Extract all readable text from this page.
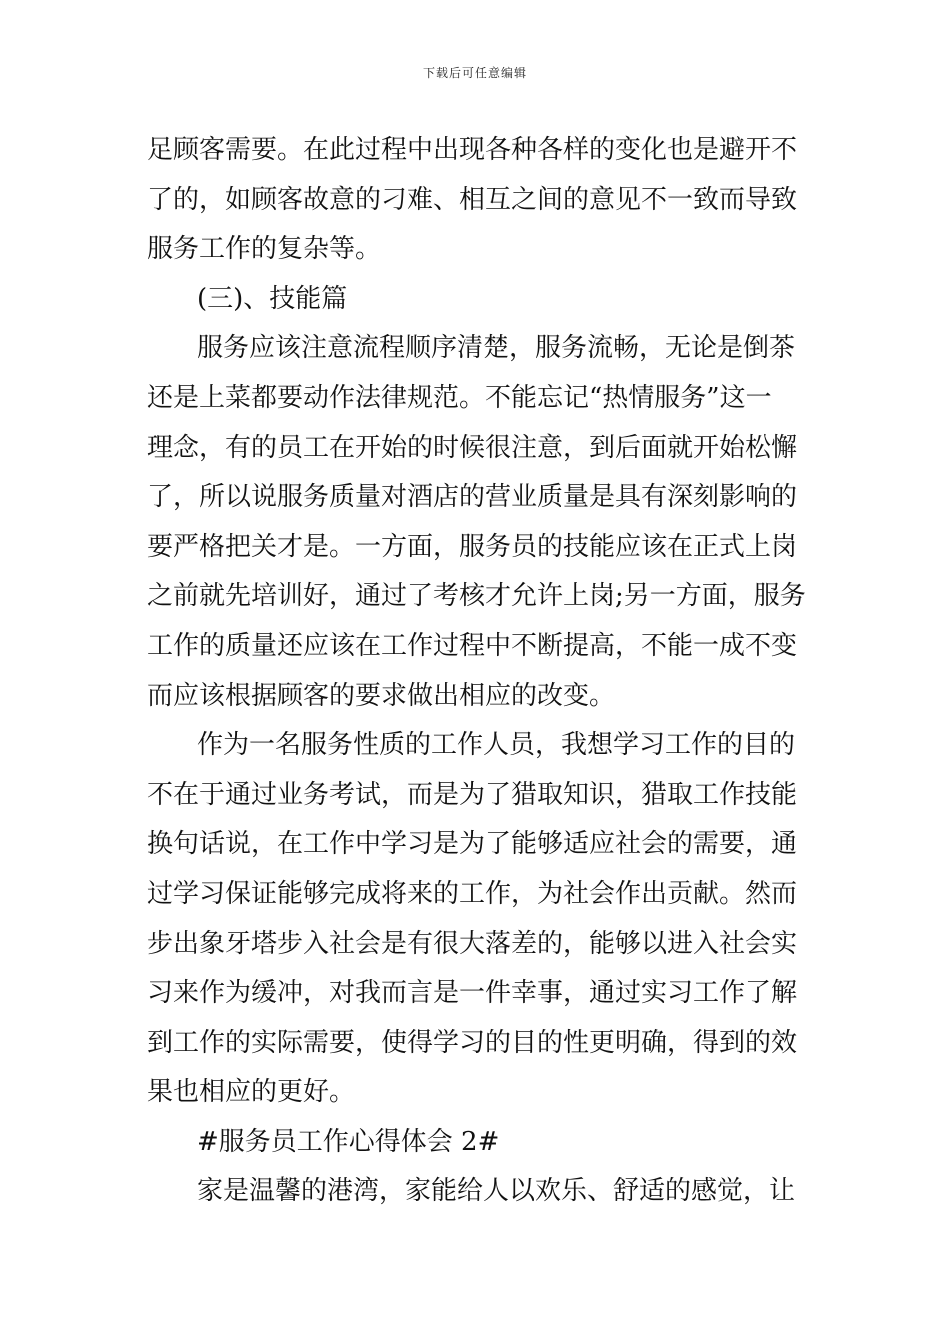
下载后可任意编辑
足顾客需要。在此过程中出现各种各样的变化也是避开不
了的，如顾客故意的刁难、相互之间的意见不一致而导致
服务工作的复杂等。
(三)、技能篇
服务应该注意流程顺序清楚，服务流畅，无论是倒茶
还是上菜都要动作法律规范。不能忘记“热情服务”这一
理念，有的员工在开始的时候很注意，到后面就开始松懈
了，所以说服务质量对酒店的营业质量是具有深刻影响的
要严格把关才是。一方面，服务员的技能应该在正式上岗
之前就先培训好，通过了考核才允许上岗;另一方面，服务
工作的质量还应该在工作过程中不断提高，不能一成不变
而应该根据顾客的要求做出相应的改变。
作为一名服务性质的工作人员，我想学习工作的目的
不在于通过业务考试，而是为了猎取知识，猎取工作技能
换句话说，在工作中学习是为了能够适应社会的需要，通
过学习保证能够完成将来的工作，为社会作出贡献。然而
步出象牙塔步入社会是有很大落差的，能够以进入社会实
习来作为缓冲，对我而言是一件幸事，通过实习工作了解
到工作的实际需要，使得学习的目的性更明确，得到的效
果也相应的更好。
#服务员工作心得体会 2#
家是温馨的港湾，家能给人以欢乐、舒适的感觉，让
